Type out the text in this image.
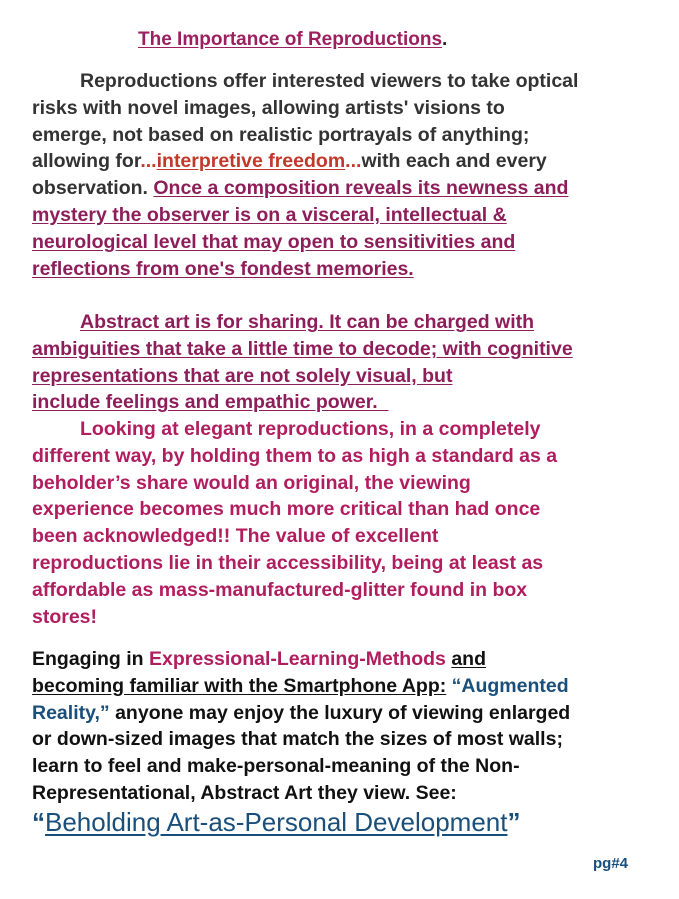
The Importance of Reproductions.
Reproductions offer interested viewers to take optical
risks with novel images, allowing artists' visions to
emerge, not based on realistic portrayals of anything;
allowing for...interpretive freedom...with each and every
observation. Once a composition reveals its newness and
mystery the observer is on a visceral, intellectual &
neurological level that may open to sensitivities and
reflections from one's fondest memories.
Abstract art is for sharing. It can be charged with
ambiguities that take a little time to decode; with cognitive
representations that are not solely visual, but
include feelings and empathic power.
Looking at elegant reproductions, in a completely
different way, by holding them to as high a standard as a
beholder’s share would an original, the viewing
experience becomes much more critical than had once
been acknowledged!! The value of excellent
reproductions lie in their accessibility, being at least as
affordable as mass-manufactured-glitter found in box
stores!
Engaging in Expressional-Learning-Methods and
becoming familiar with the Smartphone App: “Augmented
Reality,” anyone may enjoy the luxury of viewing enlarged
or down-sized images that match the sizes of most walls;
learn to feel and make-personal-meaning of the Non-
Representational, Abstract Art they view. See:
“Beholding Art-as-Personal Development”
pg#4
